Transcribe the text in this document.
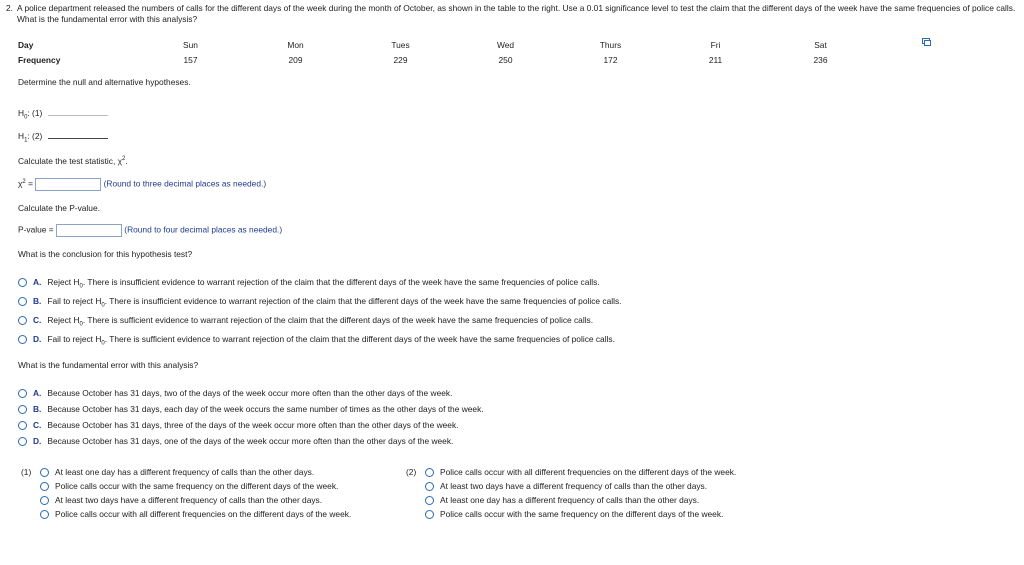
2. A police department released the numbers of calls for the different days of the week during the month of October, as shown in the table to the right. Use a 0.01 significance level to test the claim that the different days of the week have the same frequencies of police calls. What is the fundamental error with this analysis?
Day	Sun	Mon	Tues	Wed	Thurs	Fri	Sat
Frequency	157	209	229	250	172	211	236
Determine the null and alternative hypotheses.
$H_0$: (1)
$H_1$: (2)
Calculate the test statistic, $\chi^2$.
$\chi^2$ =	(Round to three decimal places as needed.)
Calculate the P-value.
P-value =	(Round to four decimal places as needed.)
What is the conclusion for this hypothesis test?
A. Reject $H_0$. There is insufficient evidence to warrant rejection of the claim that the different days of the week have the same frequencies of police calls.
B. Fail to reject $H_0$. There is insufficient evidence to warrant rejection of the claim that the different days of the week have the same frequencies of police calls.
C. Reject $H_0$. There is sufficient evidence to warrant rejection of the claim that the different days of the week have the same frequencies of police calls.
D. Fail to reject $H_0$. There is sufficient evidence to warrant rejection of the claim that the different days of the week have the same frequencies of police calls.
What is the fundamental error with this analysis?
A. Because October has 31 days, two of the days of the week occur more often than the other days of the week.
B. Because October has 31 days, each day of the week occurs the same number of times as the other days of the week.
C. Because October has 31 days, three of the days of the week occur more often than the other days of the week.
D. Because October has 31 days, one of the days of the week occur more often than the other days of the week.
(1)	At least one day has a different frequency of calls than the other days.
Police calls occur with the same frequency on the different days of the week.
At least two days have a different frequency of calls than the other days.
Police calls occur with all different frequencies on the different days of the week.
(2)	Police calls occur with all different frequencies on the different days of the week.
At least two days have a different frequency of calls than the other days.
At least one day has a different frequency of calls than the other days.
Police calls occur with the same frequency on the different days of the week.
